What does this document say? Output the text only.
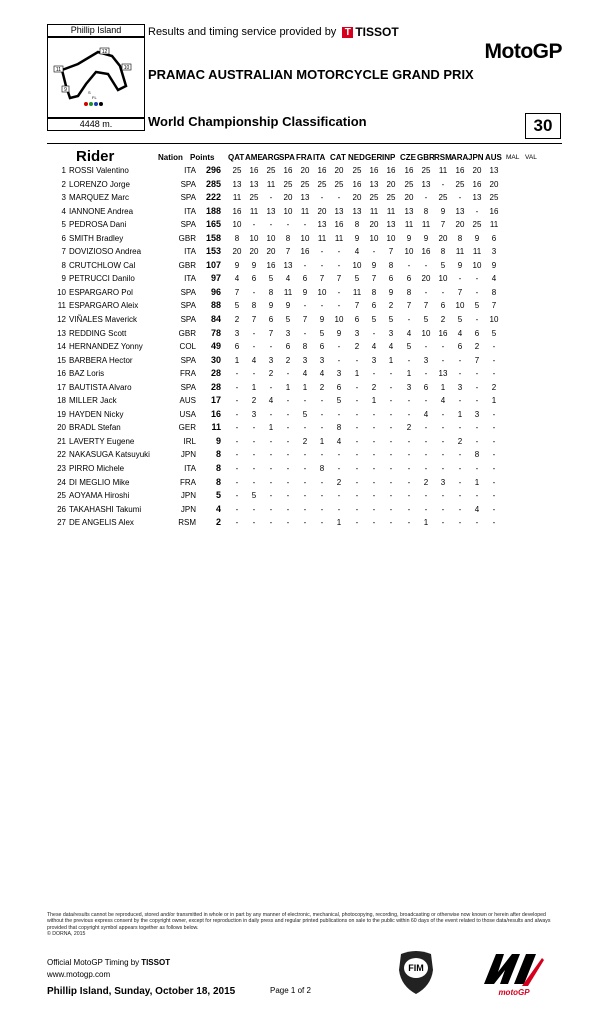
Phillip Island
12
10
11
9	S
FL
4448 m.
Results and timing service provided by T TISSOT
MotoGP
PRAMAC AUSTRALIAN MOTORCYCLE GRAND PRIX
World Championship Classification	30
Rider	Nation Points QAT AME ARG SPA FRA ITA CAT NED GER INP CZE GBR RSM ARA JPN AUS MAL VAL
1 ROSSI Valentino	ITA	296	25	16	25	16	20	16	20	25	16	16	16	25	11	16	20	13
2 LORENZO Jorge	SPA	285	13	13	11	25	25	25	25	16	13	20	25	13	-	25	16	20
3 MARQUEZ Marc	SPA	222	11	25	-	20	13	-	-	20	25	25	20	-	25	-	13	25
4 IANNONE Andrea	ITA	188	16	11	13	10	11	20	13	13	11	11	13	8	9	13	-	16
5 PEDROSA Dani	SPA	165	10	-	-	-	-	13	16	8	20	13	11	11	7	20	25	11
6 SMITH Bradley	GBR	158	8	10	10	8	10	11	11	9	10	10	9	9	20	8	9	6
7 DOVIZIOSO Andrea	ITA	153	20	20	20	7	16	-	-	4	-	7	10	16	8	11	11	3
8 CRUTCHLOW Cal	GBR	107	9	9	16	13	-	-	-	10	9	8	-	-	5	9	10	9
9 PETRUCCI Danilo	ITA	97	4	6	5	4	6	7	7	5	7	6	6	20	10	-	-	4
10 ESPARGARO Pol	SPA	96	7	-	8	11	9	10	-	11	8	9	8	-	-	7	-	8
11 ESPARGARO Aleix	SPA	88	5	8	9	9	-	-	-	7	6	2	7	7	6	10	5	7
12 VIÑALES Maverick	SPA	84	2	7	6	5	7	9	10	6	5	5	-	5	2	5	-	10
13 REDDING Scott	GBR	78	3	-	7	3	-	5	9	3	-	3	4	10	16	4	6	5
14 HERNANDEZ Yonny	COL	49	6	-	-	6	8	6	-	2	4	4	5	-	-	6	2	-
15 BARBERA Hector	SPA	30	1	4	3	2	3	3	-	-	3	1	-	3	-	-	7	-
16 BAZ Loris	FRA	28	-	-	2	-	4	4	3	1	-	-	1	-	13	-	-	-
17 BAUTISTA Alvaro	SPA	28	-	1	-	1	1	2	6	-	2	-	3	6	1	3	-	2
18 MILLER Jack	AUS	17	-	2	4	-	-	-	5	-	1	-	-	-	4	-	-	1
19 HAYDEN Nicky	USA	16	-	3	-	-	5	-	-	-	-	-	-	4	-	1	3	-
20 BRADL Stefan	GER	11	-	-	1	-	-	-	8	-	-	-	2	-	-	-	-	-
21 LAVERTY Eugene	IRL	9	-	-	-	-	2	1	4	-	-	-	-	-	-	2	-	-
22 NAKASUGA Katsuyuki	JPN	8	-	-	-	-	-	-	-	-	-	-	-	-	-	-	8	-
23 PIRRO Michele	ITA	8	-	-	-	-	-	8	-	-	-	-	-	-	-	-	-	-
24 DI MEGLIO Mike	FRA	8	-	-	-	-	-	-	2	-	-	-	-	2	3	-	1	-
25 AOYAMA Hiroshi	JPN	5	-	5	-	-	-	-	-	-	-	-	-	-	-	-	-	-
26 TAKAHASHI Takumi	JPN	4	-	-	-	-	-	-	-	-	-	-	-	-	-	-	4	-
27 DE ANGELIS Alex	RSM	2	-	-	-	-	-	-	1	-	-	-	-	1	-	-	-	-
These data/results cannot be reproduced, stored and/or transmitted in whole or in part by any manner of electronic, mechanical, photocopying, recording, broadcasting or otherwise now known or herein after developed without the previous express consent by the copyright owner, except for reproduction in daily press and regular printed publications on sale to the public within 60 days of the event related to those data/results and always provided that copyright symbol appears together as follows below.
© DORNA, 2015
Official MotoGP Timing by TISSOT
www.motogp.com
Phillip Island, Sunday, October 18, 2015	Page 1 of 2
FIM
motoGP
